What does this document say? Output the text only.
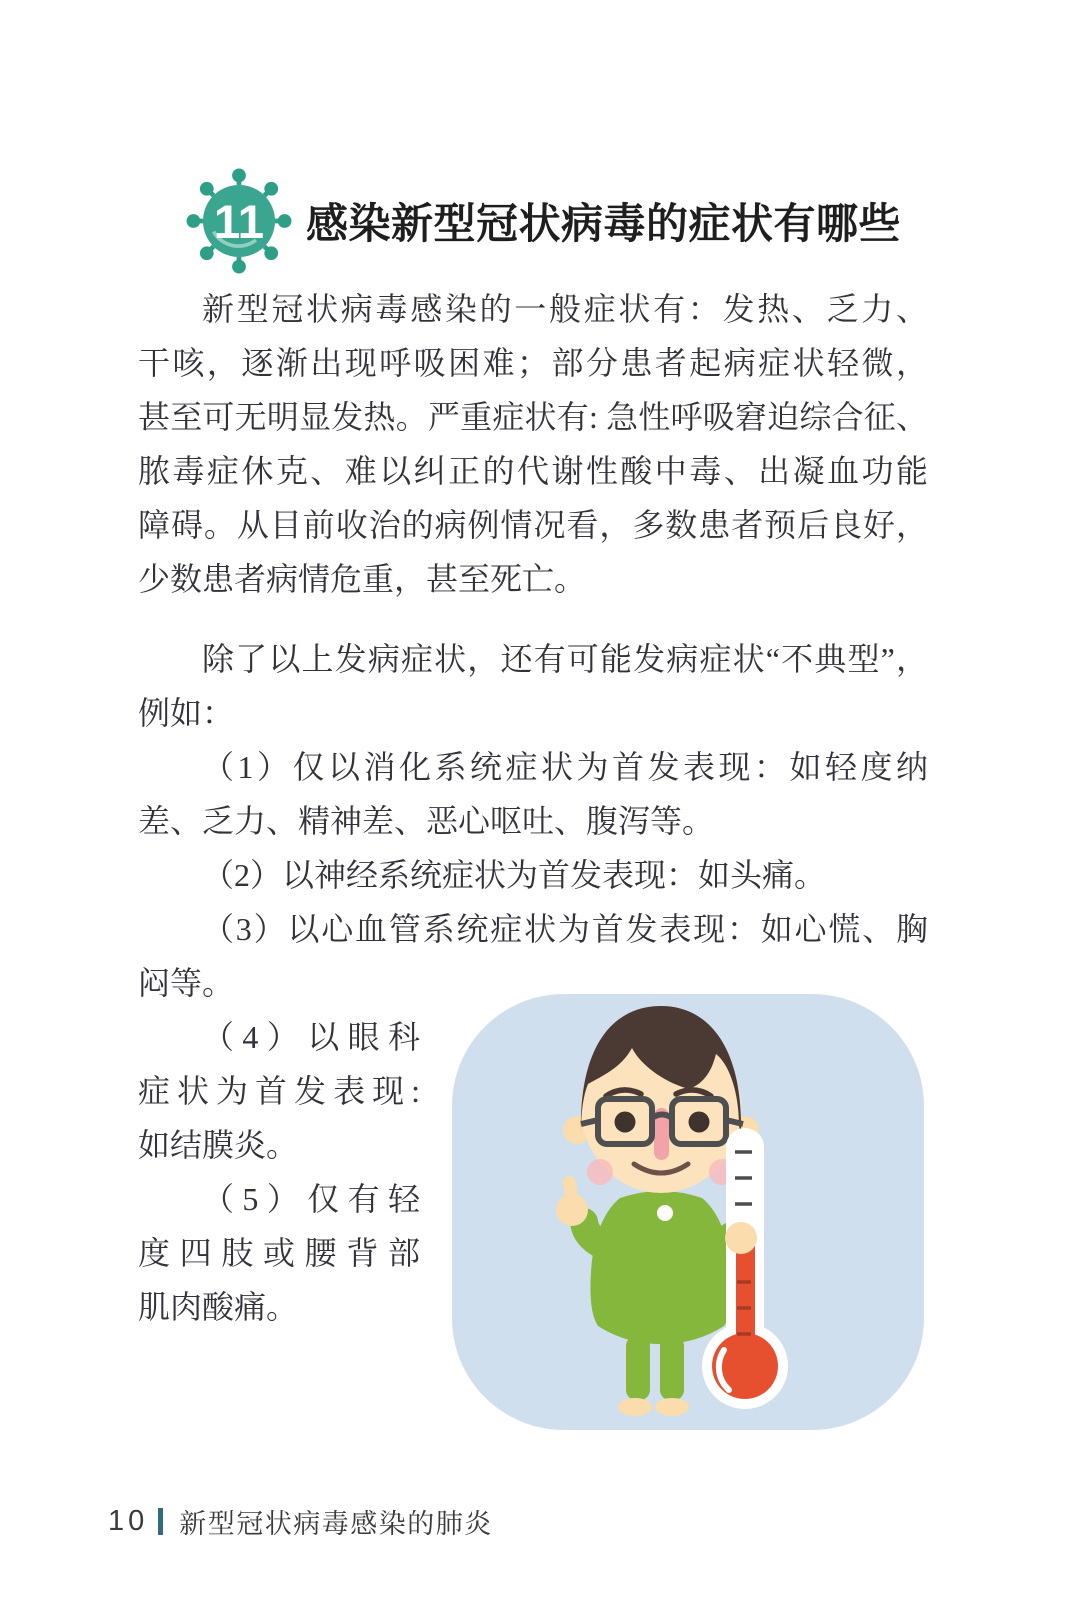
11 感染新型冠状病毒的症状有哪些
新型冠状病毒感染的一般症状有：发热、乏力、
干咳，逐渐出现呼吸困难；部分患者起病症状轻微，
甚至可无明显发热。严重症状有: 急性呼吸窘迫综合征、
脓毒症休克、难以纠正的代谢性酸中毒、出凝血功能
障碍。从目前收治的病例情况看，多数患者预后良好，
少数患者病情危重，甚至死亡。
除了以上发病症状，还有可能发病症状“不典型”，
例如：
（1）仅以消化系统症状为首发表现：如轻度纳
差、乏力、精神差、恶心呕吐、腹泻等。
（2）以神经系统症状为首发表现：如头痛。
（3）以心血管系统症状为首发表现：如心慌、胸
闷等。
（4）以眼科
症状为首发表现:
如结膜炎。
（5）仅有轻
度四肢或腰背部
肌肉酸痛。
10 新型冠状病毒感染的肺炎
